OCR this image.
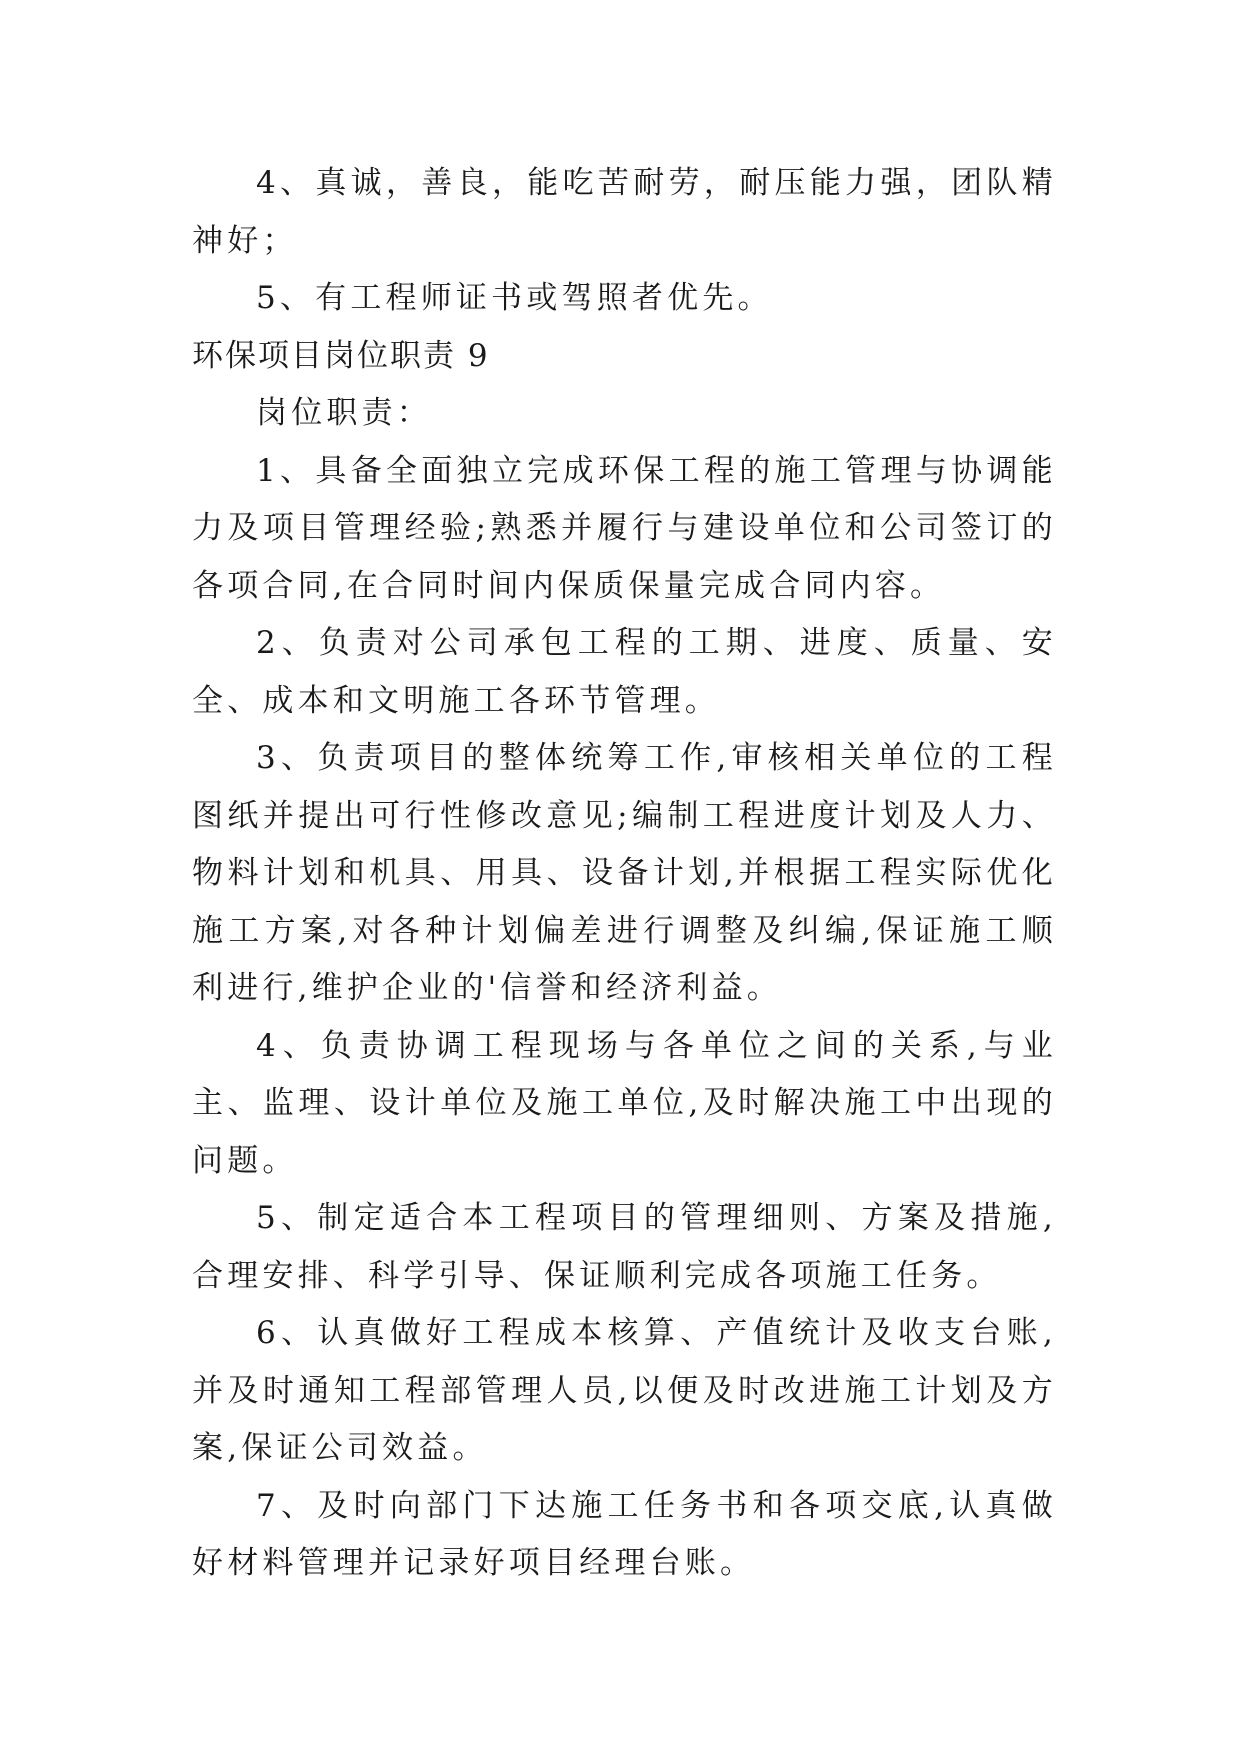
4、真诚，善良，能吃苦耐劳，耐压能力强，团队精神好；

5、有工程师证书或驾照者优先。

环保项目岗位职责 9

岗位职责：

1、具备全面独立完成环保工程的施工管理与协调能力及项目管理经验;熟悉并履行与建设单位和公司签订的各项合同,在合同时间内保质保量完成合同内容。

2、负责对公司承包工程的工期、进度、质量、安全、成本和文明施工各环节管理。

3、负责项目的整体统筹工作,审核相关单位的工程图纸并提出可行性修改意见;编制工程进度计划及人力、物料计划和机具、用具、设备计划,并根据工程实际优化施工方案,对各种计划偏差进行调整及纠编,保证施工顺利进行,维护企业的'信誉和经济利益。

4、负责协调工程现场与各单位之间的关系,与业主、监理、设计单位及施工单位,及时解决施工中出现的问题。

5、制定适合本工程项目的管理细则、方案及措施,合理安排、科学引导、保证顺利完成各项施工任务。

6、认真做好工程成本核算、产值统计及收支台账,并及时通知工程部管理人员,以便及时改进施工计划及方案,保证公司效益。

7、及时向部门下达施工任务书和各项交底,认真做好材料管理并记录好项目经理台账。
